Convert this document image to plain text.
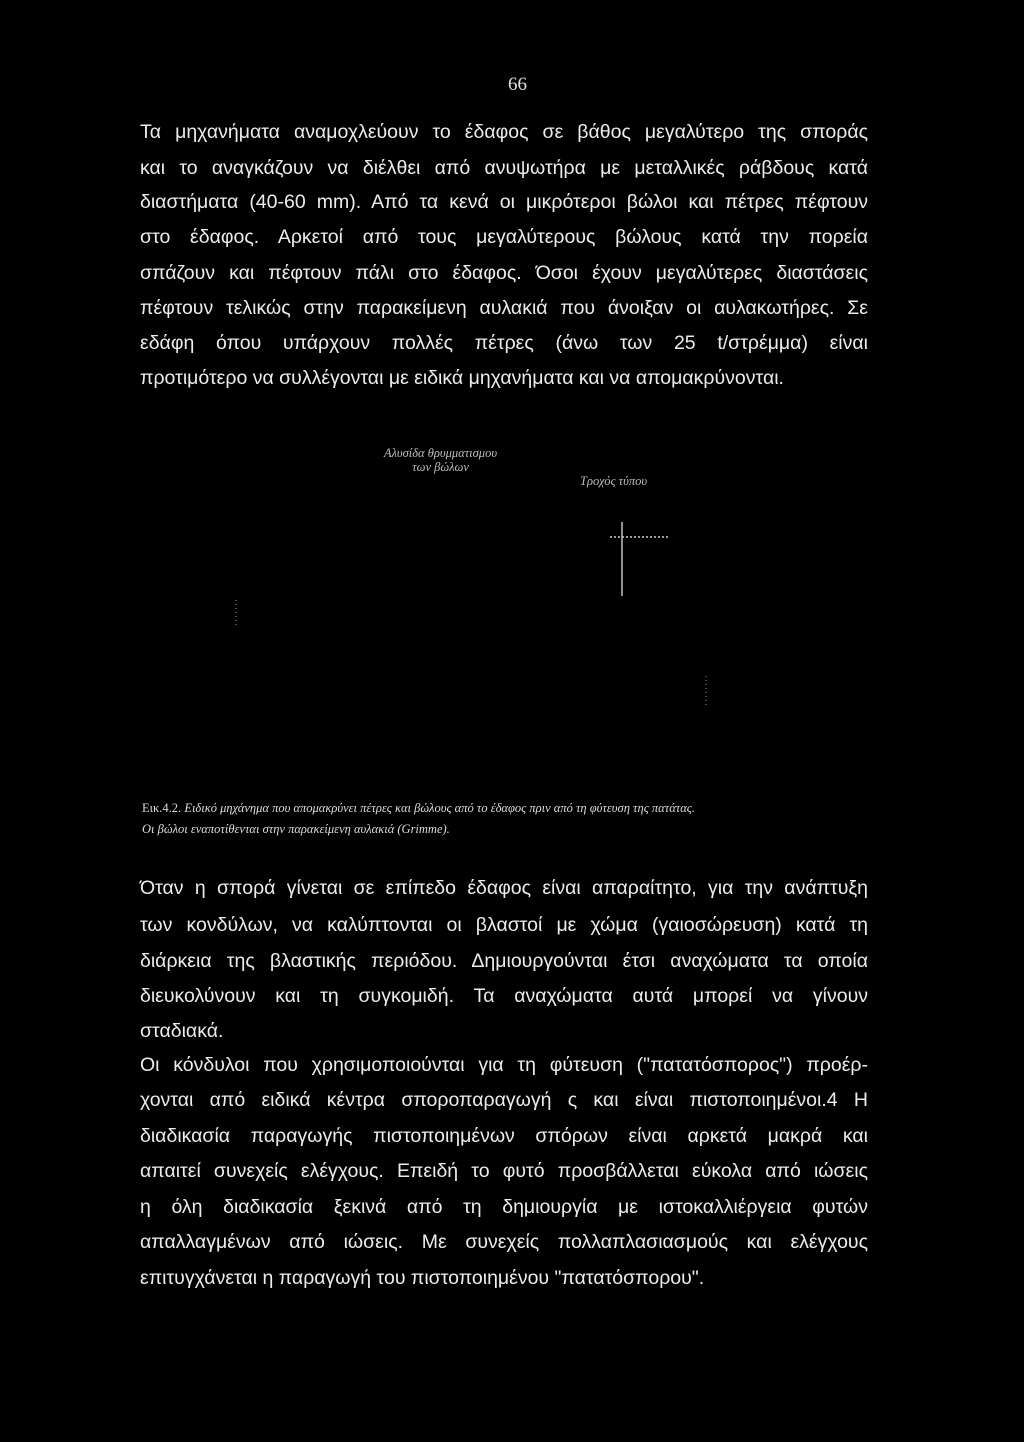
66
Τα μηχανήματα αναμοχλεύουν το έδαφος σε βάθος μεγαλύτερο της σποράς
και το αναγκάζουν να διέλθει από ανυψωτήρα με μεταλλικές ράβδους κατά
διαστήματα (40-60 mm). Από τα κενά οι μικρότεροι βώλοι και πέτρες πέφτουν
στο έδαφος. Αρκετοί από τους μεγαλύτερους βώλους κατά την πορεία
σπάζουν και πέφτουν πάλι στο έδαφος. Όσοι έχουν μεγαλύτερες διαστάσεις
πέφτουν τελικώς στην παρακείμενη αυλακιά που άνοιξαν οι αυλακωτήρες. Σε
εδάφη όπου υπάρχουν πολλές πέτρες (άνω των 25 t/στρέμμα) είναι
προτιμότερο να συλλέγονται με ειδικά μηχανήματα και να απομακρύνονται.
Αλυσίδα θρυμματισμου
των βώλων
Τροχός τύπου
Εικ.4.2. Ειδικό μηχάνημα που απομακρύνει πέτρες και βώλους από το έδαφος πριν από τη φύτευση της πατάτας.
Οι βώλοι εναποτίθενται στην παρακείμενη αυλακιά (Grimme).
Όταν η σπορά γίνεται σε επίπεδο έδαφος είναι απαραίτητο, για την ανάπτυξη
των κονδύλων, να καλύπτονται οι βλαστοί με χώμα (γαιοσώρευση) κατά τη
διάρκεια της βλαστικής περιόδου. Δημιουργούνται έτσι αναχώματα τα οποία
διευκολύνουν και τη συγκομιδή. Τα αναχώματα αυτά μπορεί να γίνουν
σταδιακά.
Οι κόνδυλοι που χρησιμοποιούνται για τη φύτευση ("πατατόσπορος") προέρ-
χονται από ειδικά κέντρα σποροπαραγωγή ς και είναι πιστοποιημένοι.4 Η
διαδικασία παραγωγής πιστοποιημένων σπόρων είναι αρκετά μακρά και
απαιτεί συνεχείς ελέγχους. Επειδή το φυτό προσβάλλεται εύκολα από ιώσεις
η όλη διαδικασία ξεκινά από τη δημιουργία με ιστοκαλλιέργεια φυτών
απαλλαγμένων από ιώσεις. Με συνεχείς πολλαπλασιασμούς και ελέγχους
επιτυγχάνεται η παραγωγή του πιστοποιημένου "πατατόσπορου".
